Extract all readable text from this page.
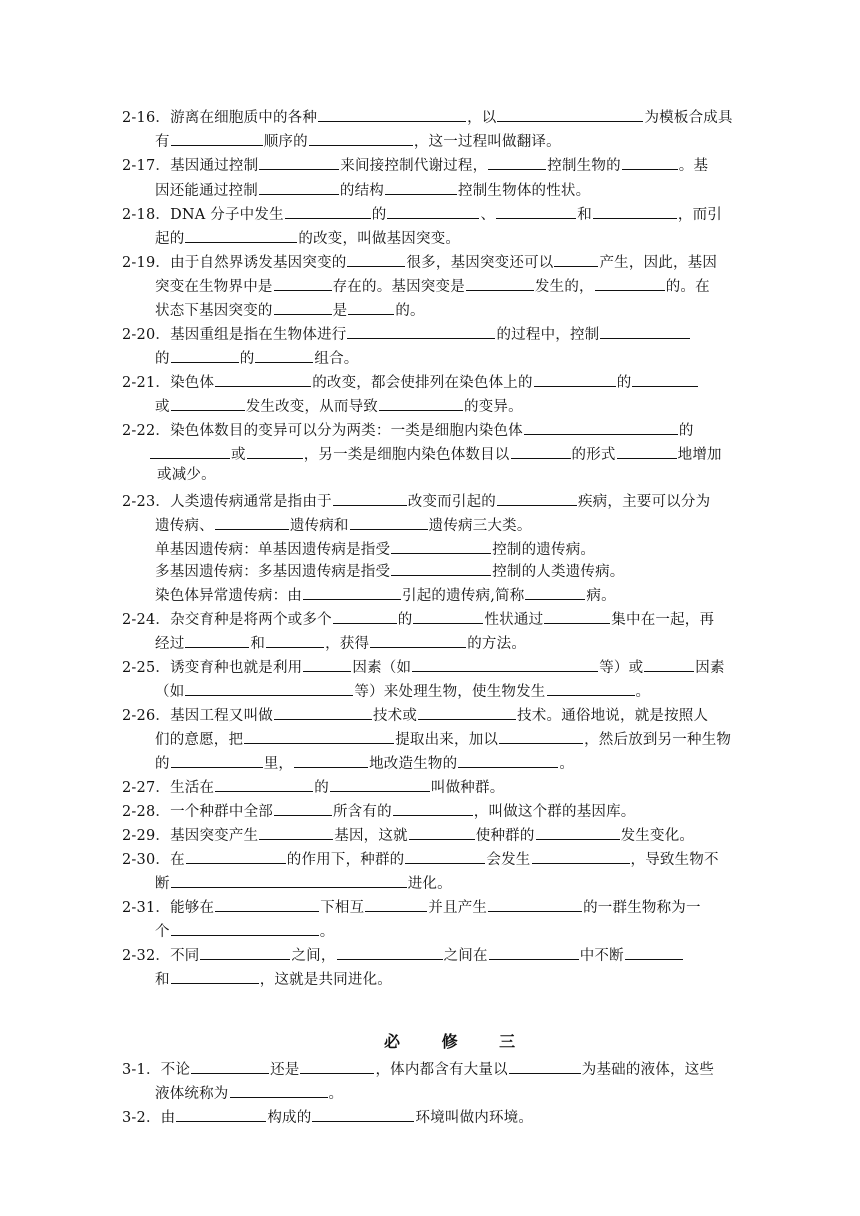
必 修 三
2-16．游离在细胞质中的各种	，以	为模板合成具
有	顺序的	，这一过程叫做翻译。
2-17．基因通过控制	来间接控制代谢过程，	控制生物的	。基
因还能通过控制	的结构	控制生物体的性状。
2-18．DNA 分子中发生	的	、	和	，而引
起的	的改变，叫做基因突变。
2-19．由于自然界诱发基因突变的	很多，基因突变还可以	产生，因此，基因
突变在生物界中是	存在的。基因突变是	发生的，	的。在
状态下基因突变的	是	的。
2-20．基因重组是指在生物体进行	的过程中，控制
的	的	组合。
2-21．染色体	的改变，都会使排列在染色体上的	的
或	发生改变，从而导致	的变异。
2-22．染色体数目的变异可以分为两类：一类是细胞内染色体	的
或	，另一类是细胞内染色体数目以	的形式	地增加
或减少。
2-23．人类遗传病通常是指由于	改变而引起的	疾病，主要可以分为
遗传病、	遗传病和	遗传病三大类。
单基因遗传病：单基因遗传病是指受	控制的遗传病。
多基因遗传病：多基因遗传病是指受	控制的人类遗传病。
染色体异常遗传病：由	引起的遗传病,简称	病。
2-24．杂交育种是将两个或多个	的	性状通过	集中在一起，再
经过	和	，获得	的方法。
2-25．诱变育种也就是利用	因素（如	等）或	因素
（如	等）来处理生物，使生物发生	。
2-26．基因工程又叫做	技术或	技术。通俗地说，就是按照人
们的意愿，把	提取出来，加以	，然后放到另一种生物
的	里，	地改造生物的	。
2-27．生活在	的	叫做种群。
2-28．一个种群中全部	所含有的	，叫做这个群的基因库。
2-29．基因突变产生	基因，这就	使种群的	发生变化。
2-30．在	的作用下，种群的	会发生	，导致生物不
断	进化。
2-31．能够在	下相互	并且产生	的一群生物称为一
个	。
2-32．不同	之间，	之间在	中不断
和	，这就是共同进化。
3-1．不论	还是	，体内都含有大量以	为基础的液体，这些
液体统称为	。
3-2．由	构成的	环境叫做内环境。
